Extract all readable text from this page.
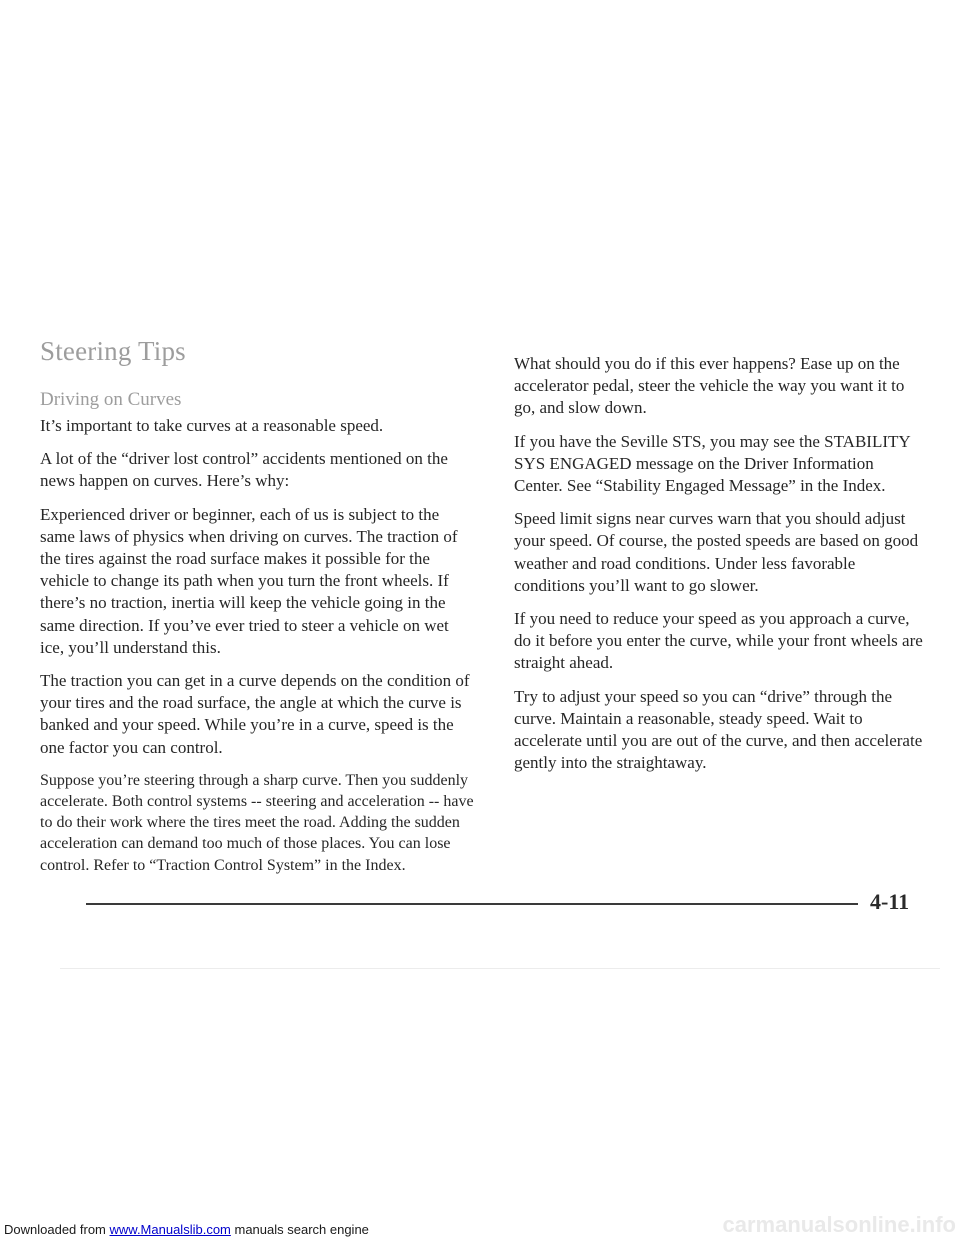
Steering Tips
Driving on Curves

It’s important to take curves at a reasonable speed.

A lot of the “driver lost control” accidents mentioned on the news happen on curves. Here’s why:

Experienced driver or beginner, each of us is subject to the same laws of physics when driving on curves. The traction of the tires against the road surface makes it possible for the vehicle to change its path when you turn the front wheels. If there’s no traction, inertia will keep the vehicle going in the same direction. If you’ve ever tried to steer a vehicle on wet ice, you’ll understand this.

The traction you can get in a curve depends on the condition of your tires and the road surface, the angle at which the curve is banked and your speed. While you’re in a curve, speed is the one factor you can control.

Suppose you’re steering through a sharp curve. Then you suddenly accelerate. Both control systems -- steering and acceleration -- have to do their work where the tires meet the road. Adding the sudden acceleration can demand too much of those places. You can lose control. Refer to “Traction Control System” in the Index.

What should you do if this ever happens? Ease up on the accelerator pedal, steer the vehicle the way you want it to go, and slow down.

If you have the Seville STS, you may see the STABILITY SYS ENGAGED message on the Driver Information Center. See “Stability Engaged Message” in the Index.

Speed limit signs near curves warn that you should adjust your speed. Of course, the posted speeds are based on good weather and road conditions. Under less favorable conditions you’ll want to go slower.

If you need to reduce your speed as you approach a curve, do it before you enter the curve, while your front wheels are straight ahead.

Try to adjust your speed so you can “drive” through the curve. Maintain a reasonable, steady speed. Wait to accelerate until you are out of the curve, and then accelerate gently into the straightaway.

4-11
Downloaded from www.Manualslib.com manuals search engine	carmanualsonline.info
